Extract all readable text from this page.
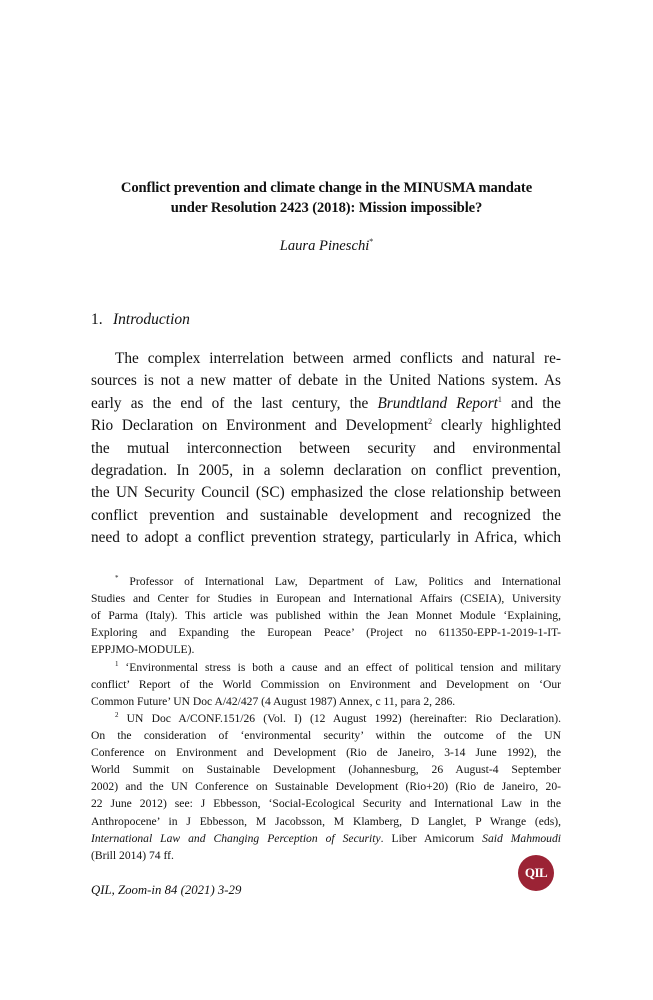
Conflict prevention and climate change in the MINUSMA mandate
under Resolution 2423 (2018): Mission impossible?
Laura Pineschi*
1. Introduction
The complex interrelation between armed conflicts and natural re-
sources is not a new matter of debate in the United Nations system. As
early as the end of the last century, the Brundtland Report$^1$ and the
Rio Declaration on Environment and Development$^2$ clearly highlighted
the mutual interconnection between security and environmental
degradation. In 2005, in a solemn declaration on conflict prevention,
the UN Security Council (SC) emphasized the close relationship between
conflict prevention and sustainable development and recognized the
need to adopt a conflict prevention strategy, particularly in Africa, which
* Professor of International Law, Department of Law, Politics and International
Studies and Center for Studies in European and International Affairs (CSEIA), University
of Parma (Italy). This article was published within the Jean Monnet Module ‘Explaining,
Exploring and Expanding the European Peace’ (Project no 611350-EPP-1-2019-1-IT-
EPPJMO-MODULE).
$^1$ ‘Environmental stress is both a cause and an effect of political tension and military
conflict’ Report of the World Commission on Environment and Development on ‘Our
Common Future’ UN Doc A/42/427 (4 August 1987) Annex, c 11, para 2, 286.
$^2$ UN Doc A/CONF.151/26 (Vol. I) (12 August 1992) (hereinafter: Rio Declaration).
On the consideration of ‘environmental security’ within the outcome of the UN
Conference on Environment and Development (Rio de Janeiro, 3-14 June 1992), the
World Summit on Sustainable Development (Johannesburg, 26 August-4 September
2002) and the UN Conference on Sustainable Development (Rio+20) (Rio de Janeiro, 20-
22 June 2012) see: J Ebbesson, ‘Social-Ecological Security and International Law in the
Anthropocene’ in J Ebbesson, M Jacobsson, M Klamberg, D Langlet, P Wrange (eds),
International Law and Changing Perception of Security. Liber Amicorum Said Mahmoudi
(Brill 2014) 74 ff.
QIL, Zoom-in 84 (2021) 3-29
QIL
